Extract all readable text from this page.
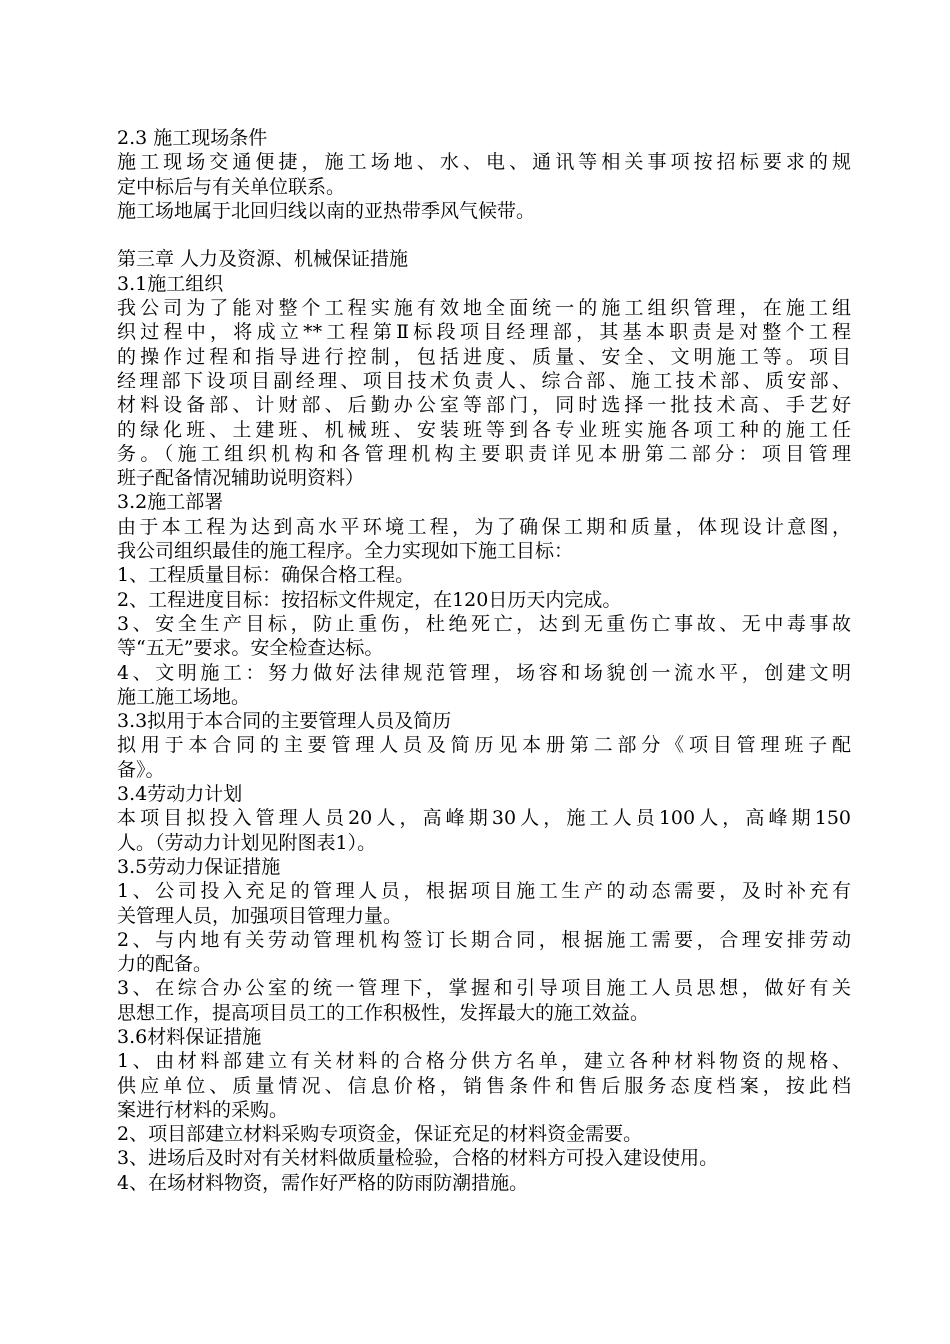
2.3 施工现场条件
施工现场交通便捷，施工场地、水、电、通讯等相关事项按招标要求的规
定中标后与有关单位联系。
施工场地属于北回归线以南的亚热带季风气候带。
第三章 人力及资源、机械保证措施
3.1施工组织
我公司为了能对整个工程实施有效地全面统一的施工组织管理，在施工组
织过程中，将成立**工程第Ⅱ标段项目经理部，其基本职责是对整个工程
的操作过程和指导进行控制，包括进度、质量、安全、文明施工等。项目
经理部下设项目副经理、项目技术负责人、综合部、施工技术部、质安部、
材料设备部、计财部、后勤办公室等部门，同时选择一批技术高、手艺好
的绿化班、土建班、机械班、安装班等到各专业班实施各项工种的施工任
务。（施工组织机构和各管理机构主要职责详见本册第二部分：项目管理
班子配备情况辅助说明资料）
3.2施工部署
由于本工程为达到高水平环境工程，为了确保工期和质量，体现设计意图，
我公司组织最佳的施工程序。全力实现如下施工目标：
1、工程质量目标：确保合格工程。
2、工程进度目标：按招标文件规定，在120日历天内完成。
3、安全生产目标，防止重伤，杜绝死亡，达到无重伤亡事故、无中毒事故
等“五无”要求。安全检查达标。
4、文明施工：努力做好法律规范管理，场容和场貌创一流水平，创建文明
施工施工场地。
3.3拟用于本合同的主要管理人员及简历
拟用于本合同的主要管理人员及简历见本册第二部分《项目管理班子配
备》。
3.4劳动力计划
本项目拟投入管理人员20人，高峰期30人，施工人员100人，高峰期150
人。（劳动力计划见附图表1）。
3.5劳动力保证措施
1、公司投入充足的管理人员，根据项目施工生产的动态需要，及时补充有
关管理人员，加强项目管理力量。
2、与内地有关劳动管理机构签订长期合同，根据施工需要，合理安排劳动
力的配备。
3、在综合办公室的统一管理下，掌握和引导项目施工人员思想，做好有关
思想工作，提高项目员工的工作积极性，发挥最大的施工效益。
3.6材料保证措施
1、由材料部建立有关材料的合格分供方名单，建立各种材料物资的规格、
供应单位、质量情况、信息价格，销售条件和售后服务态度档案，按此档
案进行材料的采购。
2、项目部建立材料采购专项资金，保证充足的材料资金需要。
3、进场后及时对有关材料做质量检验，合格的材料方可投入建设使用。
4、在场材料物资，需作好严格的防雨防潮措施。
